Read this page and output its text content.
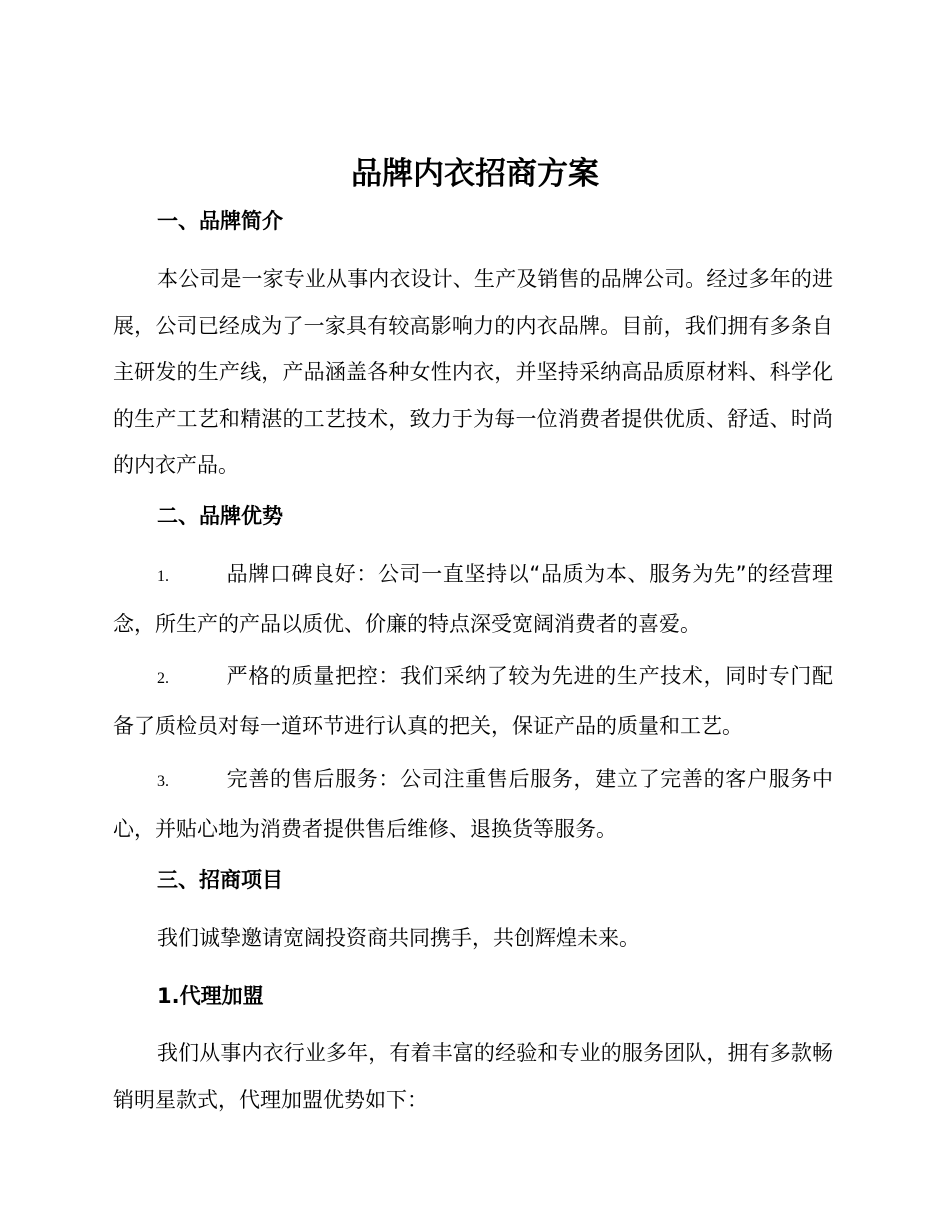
品牌内衣招商方案
一、品牌简介

本公司是一家专业从事内衣设计、生产及销售的品牌公司。经过多年的进展，公司已经成为了一家具有较高影响力的内衣品牌。目前，我们拥有多条自主研发的生产线，产品涵盖各种女性内衣，并坚持采纳高品质原材料、科学化的生产工艺和精湛的工艺技术，致力于为每一位消费者提供优质、舒适、时尚的内衣产品。

二、品牌优势

1.	品牌口碑良好：公司一直坚持以“品质为本、服务为先”的经营理念，所生产的产品以质优、价廉的特点深受宽阔消费者的喜爱。

2.	严格的质量把控：我们采纳了较为先进的生产技术，同时专门配备了质检员对每一道环节进行认真的把关，保证产品的质量和工艺。

3.	完善的售后服务：公司注重售后服务，建立了完善的客户服务中心，并贴心地为消费者提供售后维修、退换货等服务。

三、招商项目

我们诚挚邀请宽阔投资商共同携手，共创辉煌未来。

1.代理加盟

我们从事内衣行业多年，有着丰富的经验和专业的服务团队，拥有多款畅销明星款式，代理加盟优势如下：
